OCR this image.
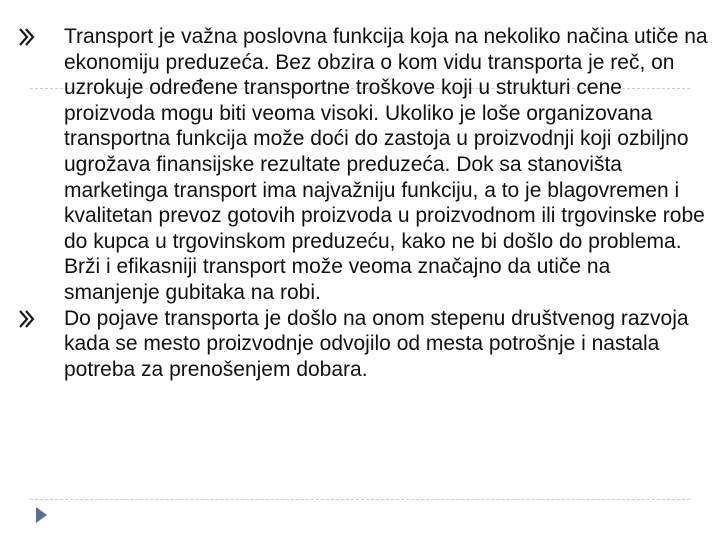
Transport je važna poslovna funkcija koja na nekoliko načina utiče na ekonomiju preduzeća. Bez obzira o kom vidu transporta je reč, on uzrokuje određene transportne troškove koji u strukturi cene proizvoda mogu biti veoma visoki. Ukoliko je loše organizovana transportna funkcija može doći do zastoja u proizvodnji koji ozbiljno ugrožava finansijske rezultate preduzeća. Dok sa stanovišta marketinga transport ima najvažniju funkciju, a to je blagovremen i kvalitetan prevoz gotovih proizvoda u proizvodnom ili trgovinske robe do kupca u trgovinskom preduzeću, kako ne bi došlo do problema. Brži i efikasniji transport može veoma značajno da utiče na smanjenje gubitaka na robi.
Do pojave transporta je došlo na onom stepenu društvenog razvoja kada se mesto proizvodnje odvojilo od mesta potrošnje i nastala potreba za prenošenjem dobara.
